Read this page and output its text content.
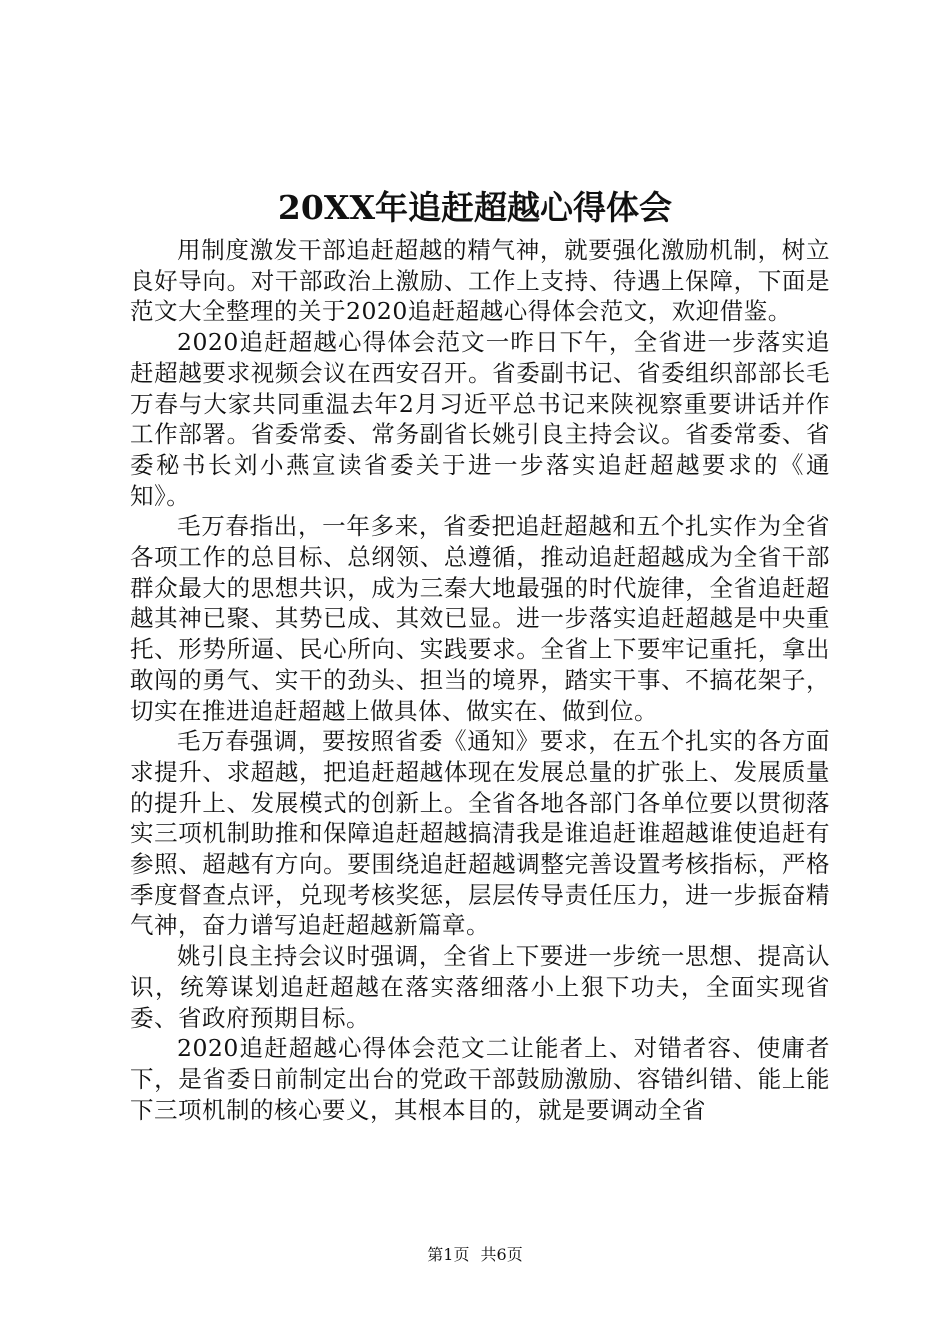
20XX年追赶超越心得体会

用制度激发干部追赶超越的精气神，就要强化激励机制，树立良好导向。对干部政治上激励、工作上支持、待遇上保障，下面是范文大全整理的关于2020追赶超越心得体会范文，欢迎借鉴。

2020追赶超越心得体会范文一昨日下午，全省进一步落实追赶超越要求视频会议在西安召开。省委副书记、省委组织部部长毛万春与大家共同重温去年2月习近平总书记来陕视察重要讲话并作工作部署。省委常委、常务副省长姚引良主持会议。省委常委、省委秘书长刘小燕宣读省委关于进一步落实追赶超越要求的《通知》。

毛万春指出，一年多来，省委把追赶超越和五个扎实作为全省各项工作的总目标、总纲领、总遵循，推动追赶超越成为全省干部群众最大的思想共识，成为三秦大地最强的时代旋律，全省追赶超越其神已聚、其势已成、其效已显。进一步落实追赶超越是中央重托、形势所逼、民心所向、实践要求。全省上下要牢记重托，拿出敢闯的勇气、实干的劲头、担当的境界，踏实干事、不搞花架子，切实在推进追赶超越上做具体、做实在、做到位。

毛万春强调，要按照省委《通知》要求，在五个扎实的各方面求提升、求超越，把追赶超越体现在发展总量的扩张上、发展质量的提升上、发展模式的创新上。全省各地各部门各单位要以贯彻落实三项机制助推和保障追赶超越搞清我是谁追赶谁超越谁使追赶有参照、超越有方向。要围绕追赶超越调整完善设置考核指标，严格季度督查点评，兑现考核奖惩，层层传导责任压力，进一步振奋精气神，奋力谱写追赶超越新篇章。

姚引良主持会议时强调，全省上下要进一步统一思想、提高认识，统筹谋划追赶超越在落实落细落小上狠下功夫，全面实现省委、省政府预期目标。

2020追赶超越心得体会范文二让能者上、对错者容、使庸者下，是省委日前制定出台的党政干部鼓励激励、容错纠错、能上能下三项机制的核心要义，其根本目的，就是要调动全省

第1页 共6页
